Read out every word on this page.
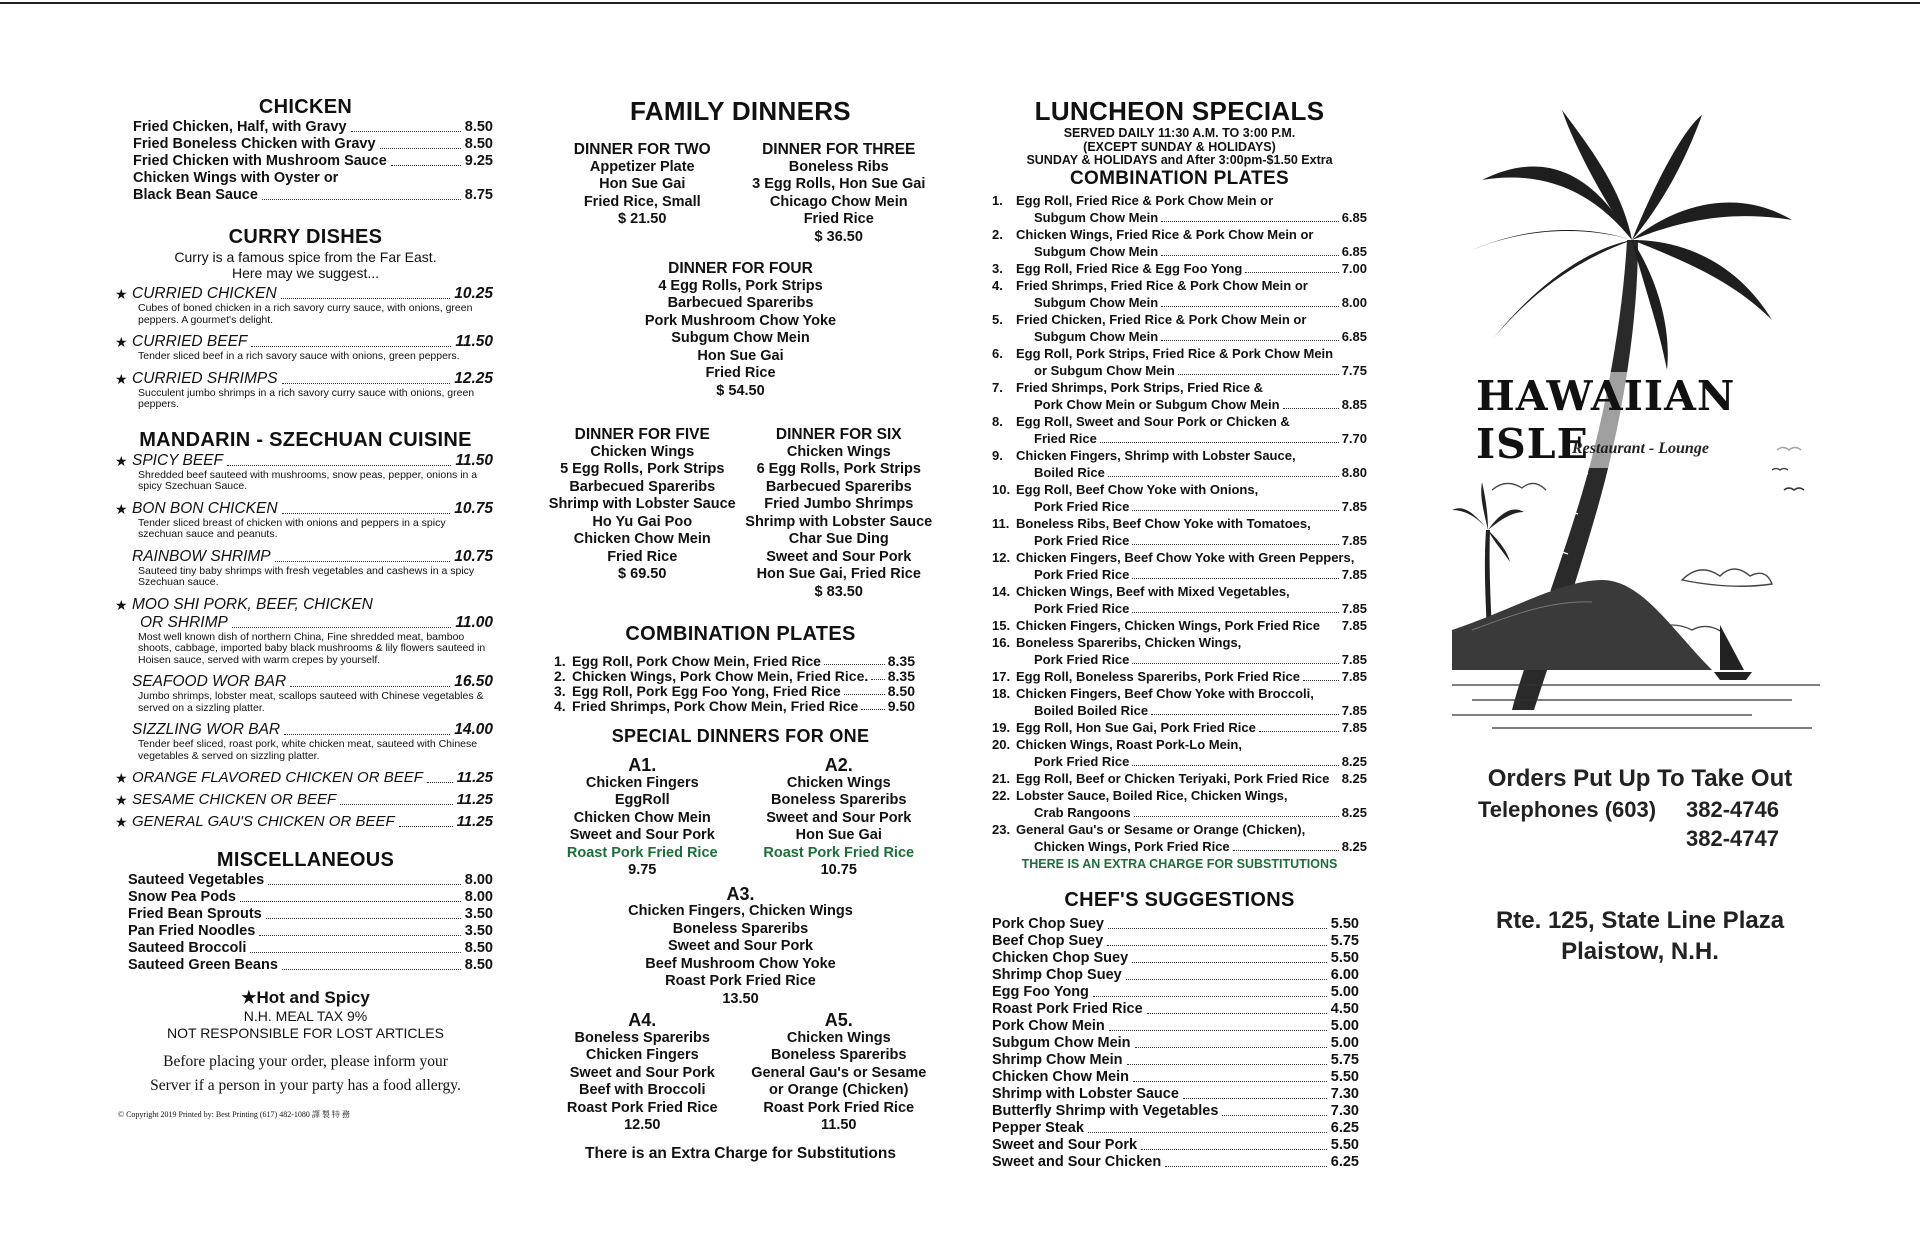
CHICKEN
Fried Chicken, Half, with Gravy	8.50
Fried Boneless Chicken with Gravy	8.50
Fried Chicken with Mushroom Sauce	9.25
Chicken Wings with Oyster or
Black Bean Sauce	8.75
CURRY DISHES
Curry is a famous spice from the Far East.
Here may we suggest...
★ CURRIED CHICKEN	10.25
Cubes of boned chicken in a rich savory curry sauce, with onions, green peppers. A gourmet's delight.
★ CURRIED BEEF	11.50
Tender sliced beef in a rich savory sauce with onions, green peppers.
★ CURRIED SHRIMPS	12.25
Succulent jumbo shrimps in a rich savory curry sauce with onions, green peppers.
MANDARIN - SZECHUAN CUISINE
★ SPICY BEEF	11.50
Shredded beef sauteed with mushrooms, snow peas, pepper, onions in a spicy Szechuan Sauce.
★ BON BON CHICKEN	10.75
Tender sliced breast of chicken with onions and peppers in a spicy szechuan sauce and peanuts.
RAINBOW SHRIMP	10.75
Sauteed tiny baby shrimps with fresh vegetables and cashews in a spicy Szechuan sauce.
★ MOO SHI PORK, BEEF, CHICKEN
OR SHRIMP	11.00
Most well known dish of northern China, Fine shredded meat, bamboo shoots, cabbage, imported baby black mushrooms & lily flowers sauteed in Hoisen sauce, served with warm crepes by yourself.
SEAFOOD WOR BAR	16.50
Jumbo shrimps, lobster meat, scallops sauteed with Chinese vegetables & served on a sizzling platter.
SIZZLING WOR BAR	14.00
Tender beef sliced, roast pork, white chicken meat, sauteed with Chinese vegetables & served on sizzling platter.
★ ORANGE FLAVORED CHICKEN OR BEEF 11.25
★ SESAME CHICKEN OR BEEF	11.25
★ GENERAL GAU'S CHICKEN OR BEEF	11.25
MISCELLANEOUS
Sauteed Vegetables	8.00
Snow Pea Pods	8.00
Fried Bean Sprouts	3.50
Pan Fried Noodles	3.50
Sauteed Broccoli	8.50
Sauteed Green Beans	8.50
★Hot and Spicy
N.H. MEAL TAX 9%
NOT RESPONSIBLE FOR LOST ARTICLES
Before placing your order, please inform your
Server if a person in your party has a food allergy.
© Copyright 2019 Printed by: Best Printing (617) 482-1080 譯 製 特 務
FAMILY DINNERS
DINNER FOR TWO
Appetizer Plate
Hon Sue Gai
Fried Rice, Small
$ 21.50
DINNER FOR THREE
Boneless Ribs
3 Egg Rolls, Hon Sue Gai
Chicago Chow Mein
Fried Rice
$ 36.50
DINNER FOR FOUR
4 Egg Rolls, Pork Strips
Barbecued Spareribs
Pork Mushroom Chow Yoke
Subgum Chow Mein
Hon Sue Gai
Fried Rice
$ 54.50
DINNER FOR FIVE
Chicken Wings
5 Egg Rolls, Pork Strips
Barbecued Spareribs
Shrimp with Lobster Sauce
Ho Yu Gai Poo
Chicken Chow Mein
Fried Rice
$ 69.50
DINNER FOR SIX
Chicken Wings
6 Egg Rolls, Pork Strips
Barbecued Spareribs
Fried Jumbo Shrimps
Shrimp with Lobster Sauce
Char Sue Ding
Sweet and Sour Pork
Hon Sue Gai, Fried Rice
$ 83.50
COMBINATION PLATES
1. Egg Roll, Pork Chow Mein, Fried Rice	8.35
2. Chicken Wings, Pork Chow Mein, Fried Rice. 8.35
3. Egg Roll, Pork Egg Foo Yong, Fried Rice	8.50
4. Fried Shrimps, Pork Chow Mein, Fried Rice 9.50
SPECIAL DINNERS FOR ONE
A1.
Chicken Fingers
EggRoll
Chicken Chow Mein
Sweet and Sour Pork
Roast Pork Fried Rice
9.75
A2.
Chicken Wings
Boneless Spareribs
Sweet and Sour Pork
Hon Sue Gai
Roast Pork Fried Rice
10.75
A3.
Chicken Fingers, Chicken Wings
Boneless Spareribs
Sweet and Sour Pork
Beef Mushroom Chow Yoke
Roast Pork Fried Rice
13.50
A4.
Boneless Spareribs
Chicken Fingers
Sweet and Sour Pork
Beef with Broccoli
Roast Pork Fried Rice
12.50
A5.
Chicken Wings
Boneless Spareribs
General Gau's or Sesame
or Orange (Chicken)
Roast Pork Fried Rice
11.50
There is an Extra Charge for Substitutions
LUNCHEON SPECIALS
SERVED DAILY 11:30 A.M. TO 3:00 P.M.
(EXCEPT SUNDAY & HOLIDAYS)
SUNDAY & HOLIDAYS and After 3:00pm-$1.50 Extra
COMBINATION PLATES
1.	Egg Roll, Fried Rice & Pork Chow Mein or
Subgum Chow Mein	6.85
2.	Chicken Wings, Fried Rice & Pork Chow Mein or
Subgum Chow Mein	6.85
3.	Egg Roll, Fried Rice & Egg Foo Yong	7.00
4.	Fried Shrimps, Fried Rice & Pork Chow Mein or
Subgum Chow Mein	8.00
5.	Fried Chicken, Fried Rice & Pork Chow Mein or
Subgum Chow Mein	6.85
6.	Egg Roll, Pork Strips, Fried Rice & Pork Chow Mein
or Subgum Chow Mein	7.75
7.	Fried Shrimps, Pork Strips, Fried Rice &
Pork Chow Mein or Subgum Chow Mein	8.85
8.	Egg Roll, Sweet and Sour Pork or Chicken &
Fried Rice	7.70
9.	Chicken Fingers, Shrimp with Lobster Sauce,
Boiled Rice	8.80
10. Egg Roll, Beef Chow Yoke with Onions,
Pork Fried Rice	7.85
11. Boneless Ribs, Beef Chow Yoke with Tomatoes,
Pork Fried Rice	7.85
12. Chicken Fingers, Beef Chow Yoke with Green Peppers,
Pork Fried Rice	7.85
14. Chicken Wings, Beef with Mixed Vegetables,
Pork Fried Rice	7.85
15. Chicken Fingers, Chicken Wings, Pork Fried Rice 7.85
16. Boneless Spareribs, Chicken Wings,
Pork Fried Rice	7.85
17. Egg Roll, Boneless Spareribs, Pork Fried Rice	7.85
18. Chicken Fingers, Beef Chow Yoke with Broccoli,
Boiled Boiled Rice	7.85
19. Egg Roll, Hon Sue Gai, Pork Fried Rice	7.85
20. Chicken Wings, Roast Pork-Lo Mein,
Pork Fried Rice	8.25
21. Egg Roll, Beef or Chicken Teriyaki, Pork Fried Rice 8.25
22. Lobster Sauce, Boiled Rice, Chicken Wings,
Crab Rangoons	8.25
23. General Gau's or Sesame or Orange (Chicken),
Chicken Wings, Pork Fried Rice	8.25
THERE IS AN EXTRA CHARGE FOR SUBSTITUTIONS
CHEF'S SUGGESTIONS
Pork Chop Suey	5.50
Beef Chop Suey	5.75
Chicken Chop Suey	5.50
Shrimp Chop Suey	6.00
Egg Foo Yong	5.00
Roast Pork Fried Rice	4.50
Pork Chow Mein	5.00
Subgum Chow Mein	5.00
Shrimp Chow Mein	5.75
Chicken Chow Mein	5.50
Shrimp with Lobster Sauce	7.30
Butterfly Shrimp with Vegetables	7.30
Pepper Steak	6.25
Sweet and Sour Pork	5.50
Sweet and Sour Chicken	6.25
HAWAIIAN ISLE
Restaurant - Lounge
Orders Put Up To Take Out
Telephones (603) 382-4746
382-4747
Rte. 125, State Line Plaza
Plaistow, N.H.
